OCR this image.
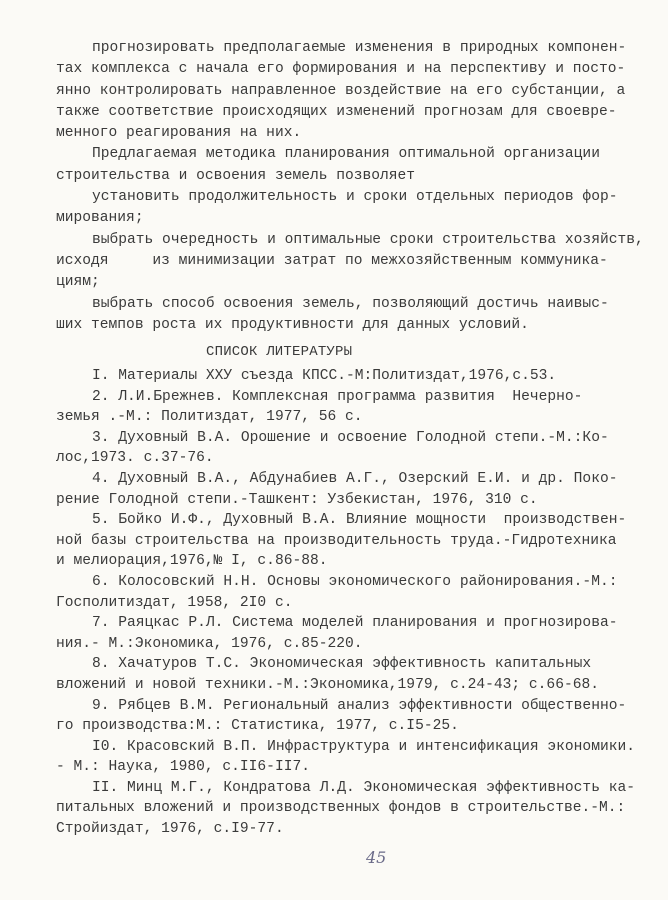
прогнозировать предполагаемые изменения в природных компонен-
тах комплекса с начала его формирования и на перспективу и посто-
янно контролировать направленное воздействие на его субстанции, а
также соответствие происходящих изменений прогнозам для своевре-
менного реагирования на них.
Предлагаемая методика планирования оптимальной организации
строительства и освоения земель позволяет
установить продолжительность и сроки отдельных периодов фор-
мирования;
выбрать очередность и оптимальные сроки строительства хозяйств,
исходя     из минимизации затрат по межхозяйственным коммуника-
циям;
выбрать способ освоения земель, позволяющий достичь наивыс-
ших темпов роста их продуктивности для данных условий.
СПИСОК ЛИТЕРАТУРЫ
I. Материалы ХХУ съезда КПСС.-М:Политиздат,1976,с.53.
2. Л.И.Брежнев. Комплексная программа развития  Нечерно-
земья .-М.: Политиздат, 1977, 56 с.
3. Духовный В.А. Орошение и освоение Голодной степи.-М.:Ко-
лос,1973. с.37-76.
4. Духовный В.А., Абдунабиев А.Г., Озерский Е.И. и др. Поко-
рение Голодной степи.-Ташкент: Узбекистан, 1976, 310 с.
5. Бойко И.Ф., Духовный В.А. Влияние мощности  производствен-
ной базы строительства на производительность труда.-Гидротехника
и мелиорация,1976,№ I, с.86-88.
6. Колосовский Н.Н. Основы экономического районирования.-М.:
Госполитиздат, 1958, 2I0 с.
7. Раяцкас Р.Л. Система моделей планирования и прогнозирова-
ния.- М.:Экономика, 1976, с.85-220.
8. Хачатуров Т.С. Экономическая эффективность капитальных
вложений и новой техники.-М.:Экономика,1979, с.24-43; с.66-68.
9. Рябцев В.М. Региональный анализ эффективности общественно-
го производства:М.: Статистика, 1977, с.I5-25.
I0. Красовский В.П. Инфраструктура и интенсификация экономики.
- М.: Наука, 1980, с.II6-II7.
II. Минц М.Г., Кондратова Л.Д. Экономическая эффективность ка-
питальных вложений и производственных фондов в строительстве.-М.:
Стройиздат, 1976, с.I9-77.
45
